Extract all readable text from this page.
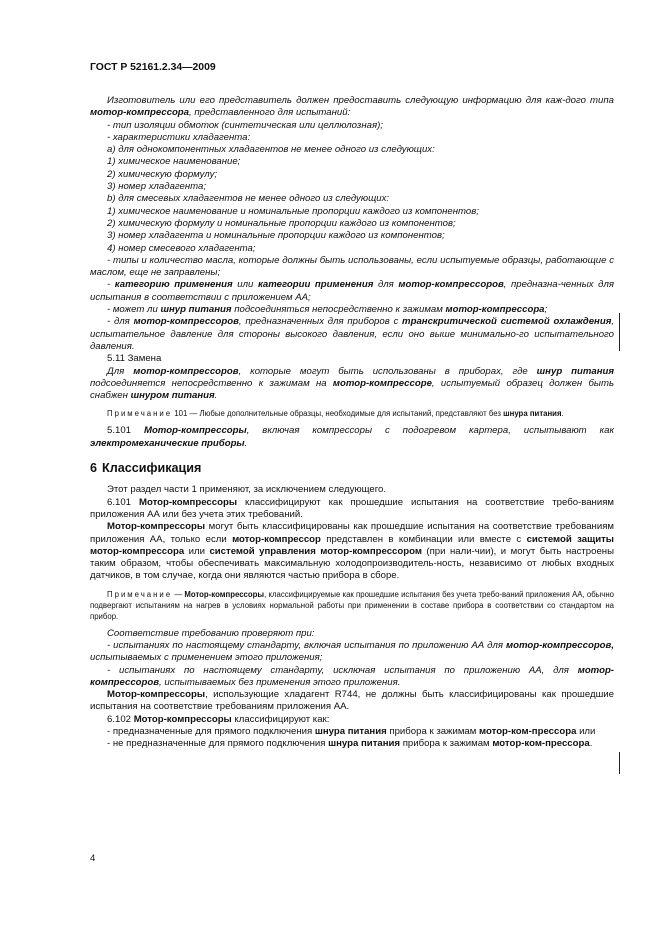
ГОСТ Р 52161.2.34—2009

Изготовитель или его представитель должен предоставить следующую информацию для каж-дого типа мотор-компрессора, представленного для испытаний:

- тип изоляции обмоток (синтетическая или целлюлозная);

- характеристики хладагента:

a) для однокомпонентных хладагентов не менее одного из следующих:

1) химическое наименование;

2) химическую формулу;

3) номер хладагента;

b) для смесевых хладагентов не менее одного из следующих:

1) химическое наименование и номинальные пропорции каждого из компонентов;

2) химическую формулу и номинальные пропорции каждого из компонентов;

3) номер хладагента и номинальные пропорции каждого из компонентов;

4) номер смесевого хладагента;

- типы и количество масла, которые должны быть использованы, если испытуемые образцы, работающие с маслом, еще не заправлены;

- категорию применения или категории применения для мотор-компрессоров, предназна-ченных для испытания в соответствии с приложением АА;

- может ли шнур питания подсоединяться непосредственно к зажимам мотор-компрессора;

- для мотор-компрессоров, предназначенных для приборов с транскритической системой охлаждения, испытательное давление для стороны высокого давления, если оно выше минимально-го испытательного давления.

5.11 Замена

Для мотор-компрессоров, которые могут быть использованы в приборах, где шнур питания подсоединяется непосредственно к зажимам на мотор-компрессоре, испытуемый образец должен быть снабжен шнуром питания.

Примечание 101 — Любые дополнительные образцы, необходимые для испытаний, представляют без шнура питания.

5.101 Мотор-компрессоры, включая компрессоры с подогревом картера, испытывают как электромеханические приборы.

6 Классификация

Этот раздел части 1 применяют, за исключением следующего.

6.101 Мотор-компрессоры классифицируют как прошедшие испытания на соответствие требо-ваниям приложения АА или без учета этих требований.

Мотор-компрессоры могут быть классифицированы как прошедшие испытания на соответствие требованиям приложения АА, только если мотор-компрессор представлен в комбинации или вместе с системой защиты мотор-компрессора или системой управления мотор-компрессором (при нали-чии), и могут быть настроены таким образом, чтобы обеспечивать максимальную холодопроизводитель-ность, независимо от любых входных датчиков, в том случае, когда они являются частью прибора в сборе.

Примечание — Мотор-компрессоры, классифицируемые как прошедшие испытания без учета требо-ваний приложения АА, обычно подвергают испытаниям на нагрев в условиях нормальной работы при применении в составе прибора в соответствии со стандартом на прибор.

Соответствие требованию проверяют при:

- испытаниях по настоящему стандарту, включая испытания по приложению АА для мотор-компрессоров, испытываемых с применением этого приложения;

- испытаниях по настоящему стандарту, исключая испытания по приложению АА, для мотор-компрессоров, испытываемых без применения этого приложения.

Мотор-компрессоры, использующие хладагент R744, не должны быть классифицированы как прошедшие испытания на соответствие требованиям приложения АА.

6.102 Мотор-компрессоры классифицируют как:

- предназначенные для прямого подключения шнура питания прибора к зажимам мотор-ком-прессора или

- не предназначенные для прямого подключения шнура питания прибора к зажимам мотор-ком-прессора.

4
